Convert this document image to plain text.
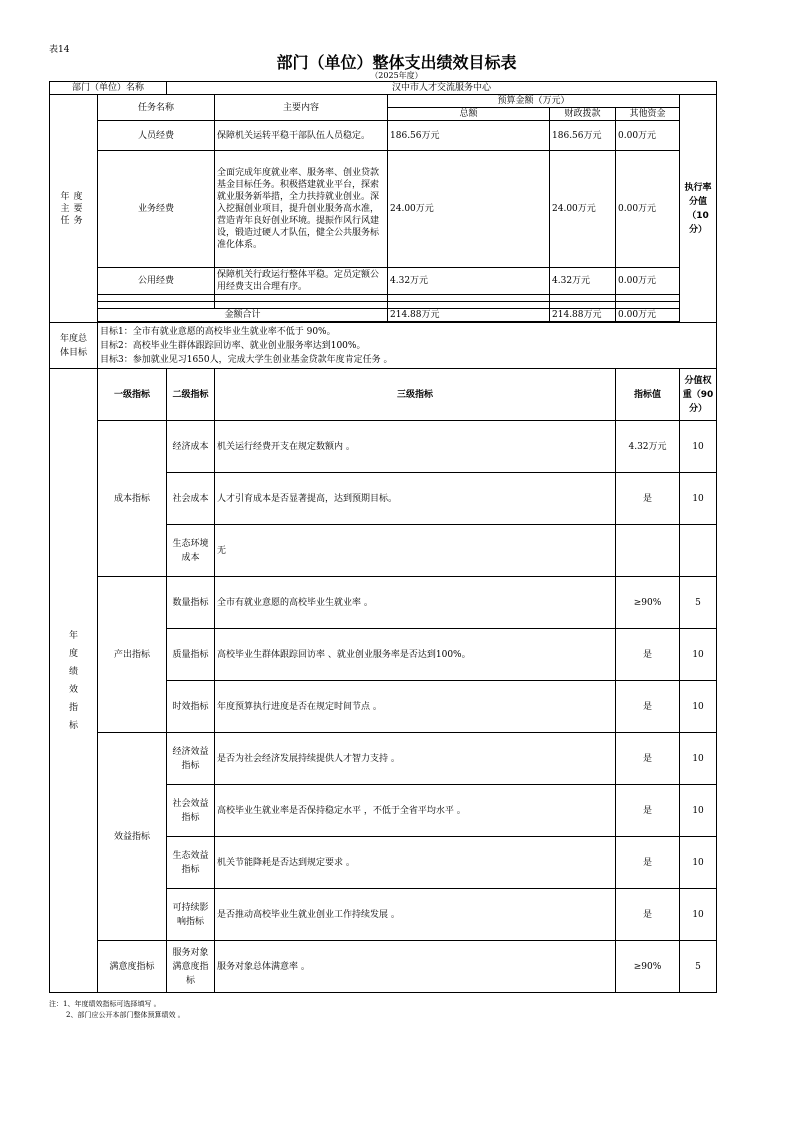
表14
部门（单位）整体支出绩效目标表
（2025年度）
部门（单位）名称		汉中市人才交流服务中心					
年度主要任务	任务名称		主要内容	预算金额（万元）			执行率分值（10分）
				总额	财政拨款	其他资金	
	人员经费		保障机关运转平稳干部队伍人员稳定。	186.56万元	186.56万元	0.00万元	
	业务经费		全面完成年度就业率、服务率、创业贷款基金目标任务。积极搭建就业平台，探索就业服务新举措，全力扶持就业创业。深入挖掘创业项目，提升创业服务高水准，营造青年良好创业环境。提振作风行风建设，锻造过硬人才队伍，健全公共服务标准化体系。	24.00万元	24.00万元	0.00万元	
	公用经费		保障机关行政运行整体平稳。定员定额公用经费支出合理有序。	4.32万元	4.32万元	0.00万元	

	金额合计			214.88万元	214.88万元	0.00万元	

年度总体目标	目标1：全市有就业意愿的高校毕业生就业率不低于 90%。
目标2：高校毕业生群体跟踪回访率、就业创业服务率达到100%。
目标3：参加就业见习1650人，完成大学生创业基金贷款年度肯定任务 。						

年度绩效指标	一级指标	二级指标	三级指标			指标值	分值权重（90分）
	成本指标	经济成本	机关运行经费开支在规定数额内 。			4.32万元	10
		社会成本	人才引育成本是否显著提高，达到预期目标。			是	10
		生态环境成本	无				
	产出指标	数量指标	全市有就业意愿的高校毕业生就业率 。			≥90%	5
		质量指标	高校毕业生群体跟踪回访率 、就业创业服务率是否达到100%。			是	10
		时效指标	年度预算执行进度是否在规定时间节点 。			是	10
	效益指标	经济效益指标	是否为社会经济发展持续提供人才智力支持 。			是	10
		社会效益指标	高校毕业生就业率是否保持稳定水平 ，不低于全省平均水平 。			是	10
		生态效益指标	机关节能降耗是否达到规定要求 。			是	10
		可持续影响指标	是否推动高校毕业生就业创业工作持续发展 。			是	10
	满意度指标	服务对象满意度指标	服务对象总体满意率 。			≥90%	5
注：1、年度绩效指标可选择填写 。
2、部门应公开本部门整体预算绩效 。
